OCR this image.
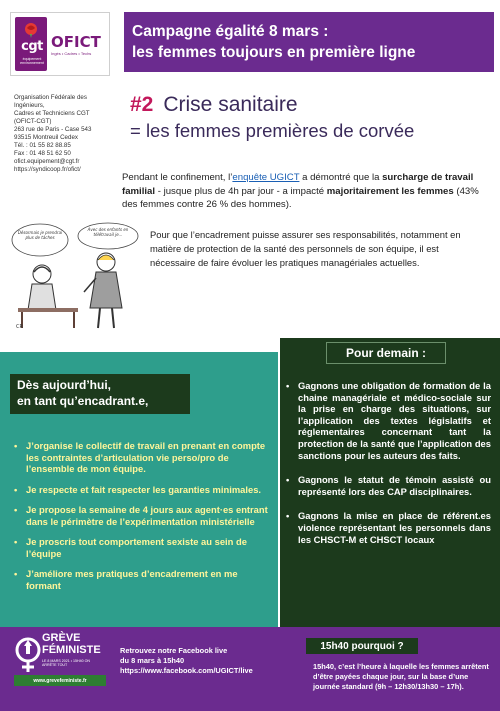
cgt
équipement environnement
OFICT
Ingés • Cadres • Techs
Campagne égalité 8 mars :
les femmes toujours en première ligne
Organisation Fédérale des
Ingénieurs,
Cadres et Techniciens CGT
(OFICT-CGT)
263 rue de Paris - Case 543
93515 Montreuil Cedex
Tél. : 01 55 82 88.85
Fax : 01 48 51 62 50
ofict.equipement@cgt.fr
https://syndicoop.fr/ofict/
#2 Crise sanitaire
= les femmes premières de corvée

Pendant le confinement, l’enquête UGICT a démontré que la surcharge de travail familial - jusque plus de 4h par jour - a impacté majoritairement les femmes (43% des femmes contre 26 % des hommes).

Désormais je prendrai plus de tâches
Avec des enfants en télétravail je...
CR

Pour que l’encadrement puisse assurer ses responsabilités, notamment en matière de protection de la santé des personnels de son équipe, il est nécessaire de faire évoluer les pratiques managériales actuelles.

Pour demain :
Dès aujourd’hui,
en tant qu’encadrant.e,
• J’organise le collectif de travail en prenant en compte les contraintes d’articulation vie perso/pro de l’ensemble de mon équipe.
• Je respecte et fait respecter les garanties minimales.
• Je propose la semaine de 4 jours aux agent·es entrant dans le périmètre de l’expérimentation ministérielle
• Je proscris tout comportement sexiste au sein de l’équipe
• J’améliore mes pratiques d’encadrement en me formant
• Gagnons une obligation de formation de la chaine managériale et médico-sociale sur la prise en charge des situations, sur l’application des textes législatifs et réglementaires concernant tant la protection de la santé que l’application des sanctions pour les auteurs des faits.
• Gagnons le statut de témoin assisté ou représenté lors des CAP disciplinaires.
• Gagnons la mise en place de référent.es violence représentant les personnels dans les CHSCT-M et CHSCT locaux
GRÈVE
FÉMINISTE
LE 8 MARS 2021 • 15H40 ON ARRÊTE TOUT
www.grevefeministe.fr
Retrouvez notre Facebook live
du 8 mars à 15h40
https://www.facebook.com/UGICT/live
15h40 pourquoi ?
15h40, c’est l’heure à laquelle les femmes arrêtent d’être payées chaque jour, sur la base d’une journée standard (9h – 12h30/13h30 – 17h).
